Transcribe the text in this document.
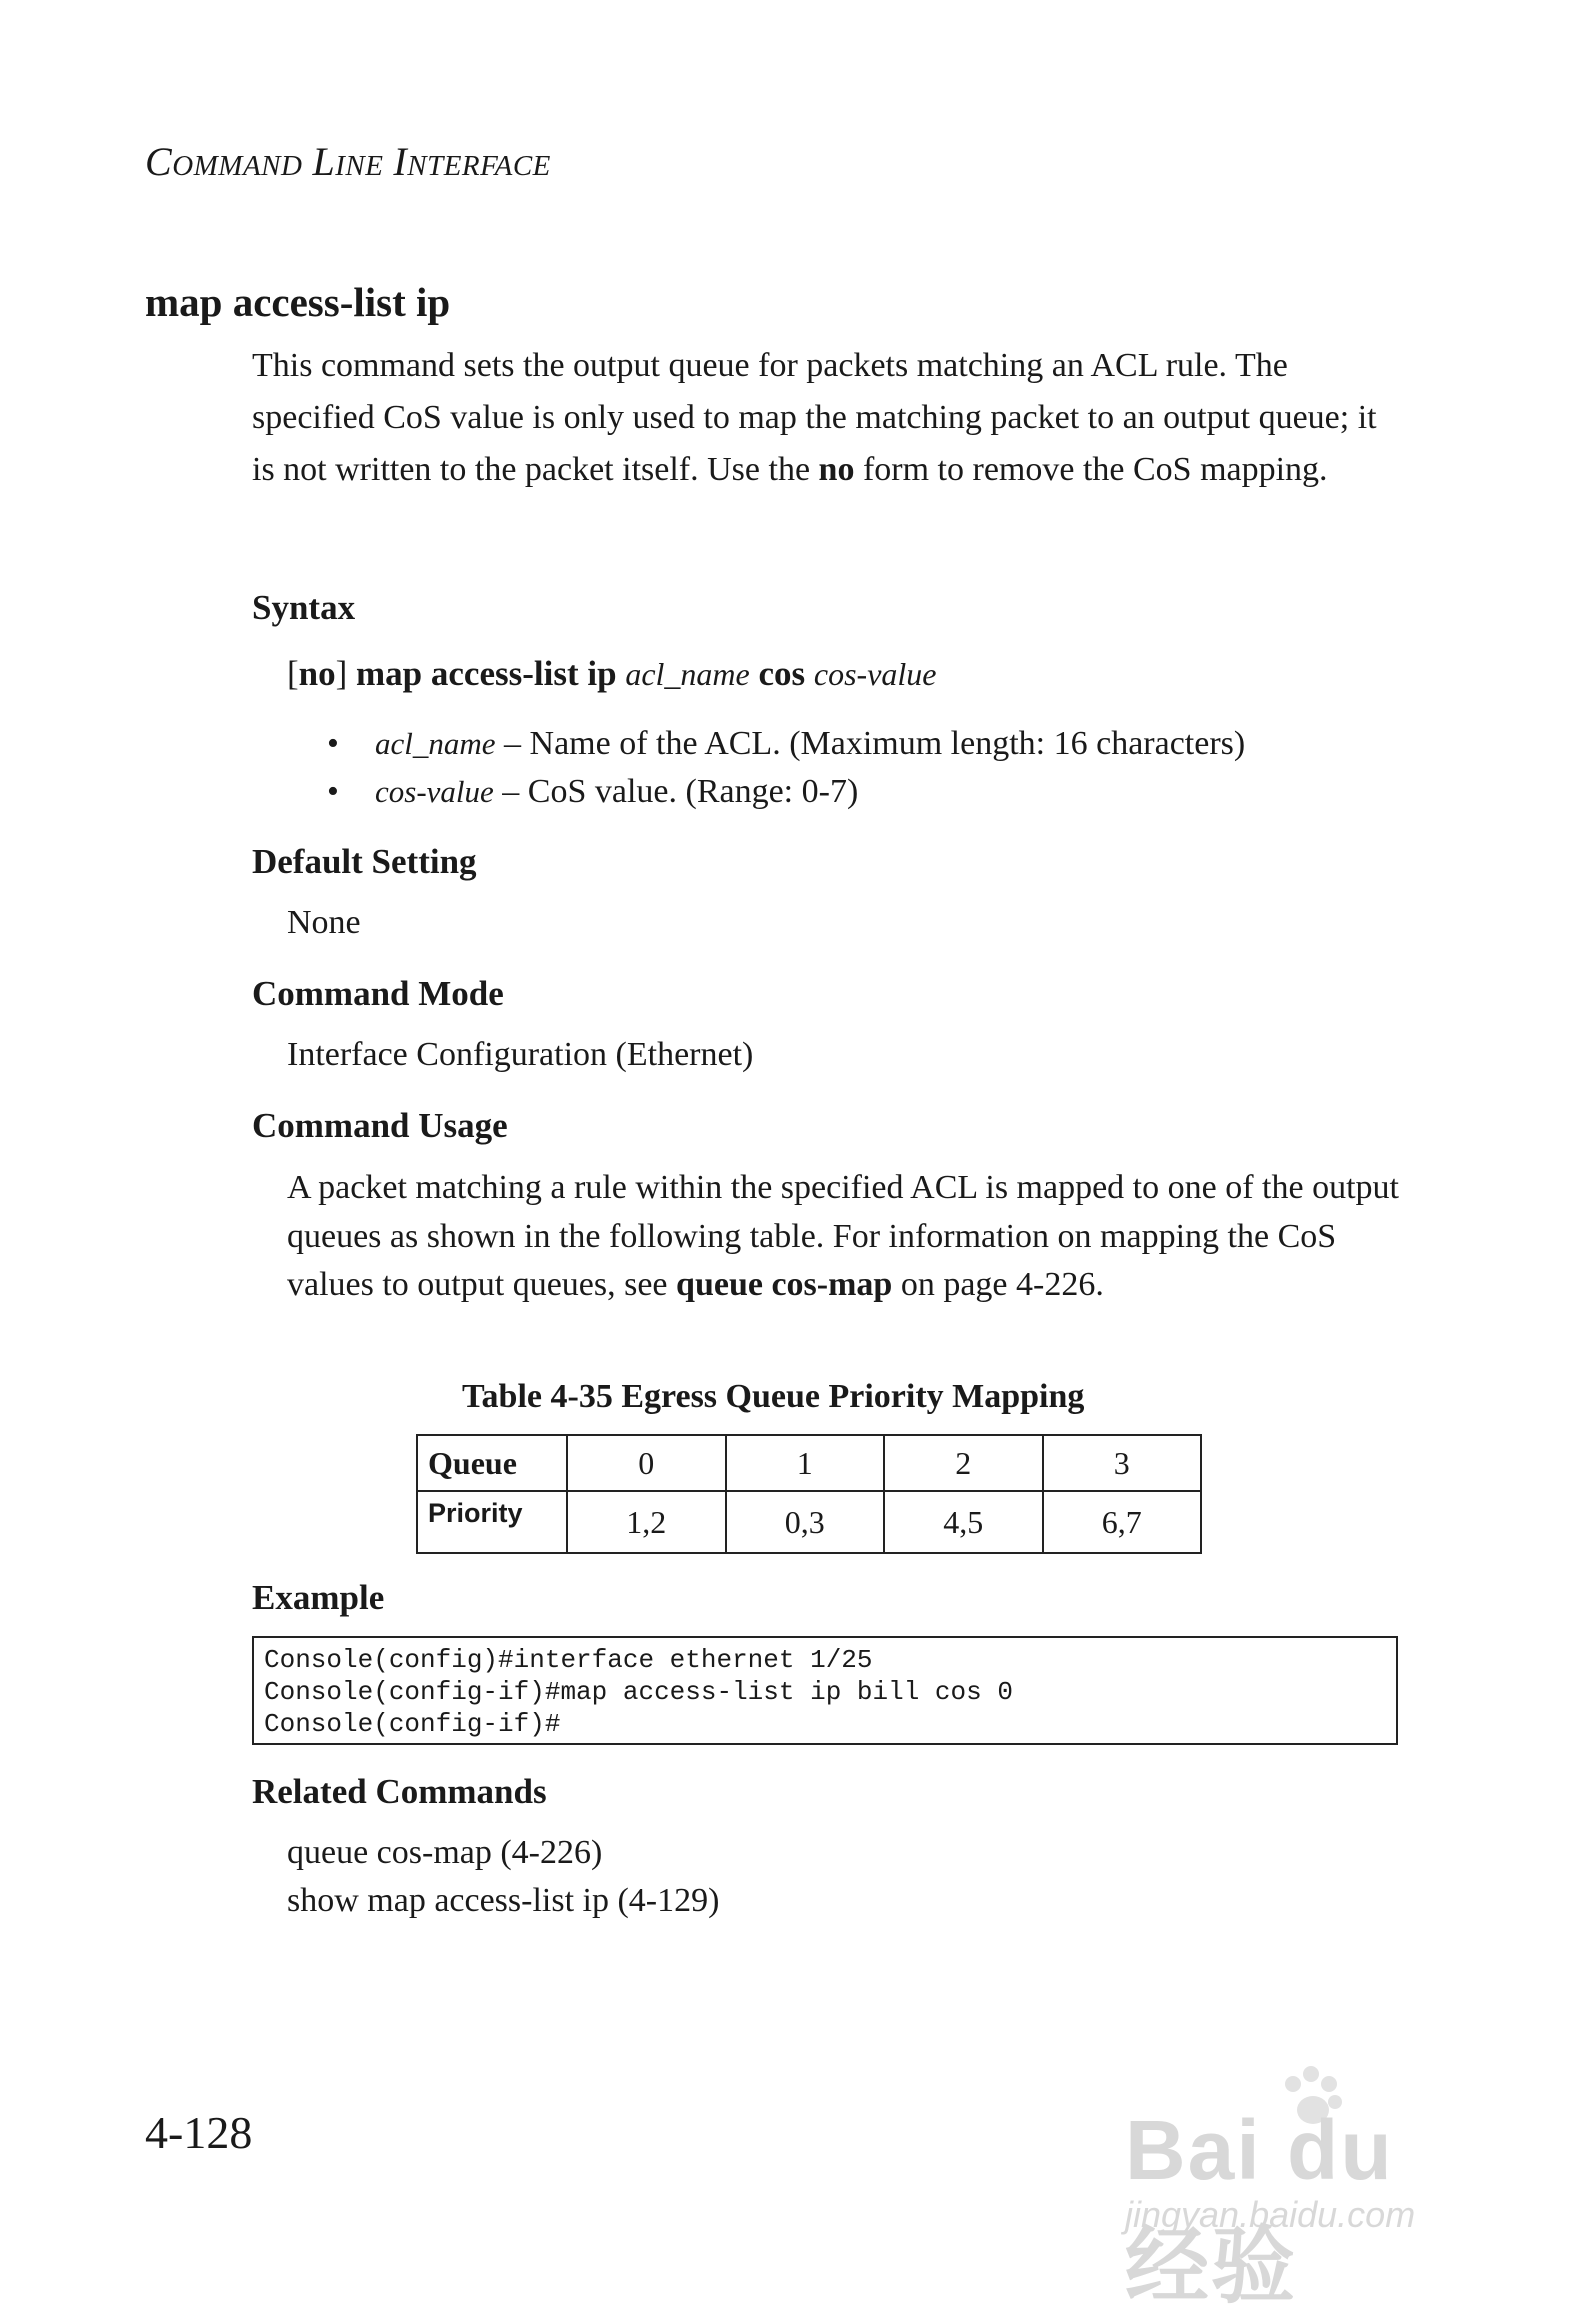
COMMAND LINE INTERFACE
map access-list ip

This command sets the output queue for packets matching an ACL rule. The specified CoS value is only used to map the matching packet to an output queue; it is not written to the packet itself. Use the no form to remove the CoS mapping.

Syntax
[no] map access-list ip acl_name cos cos-value
• acl_name – Name of the ACL. (Maximum length: 16 characters)
• cos-value – CoS value. (Range: 0-7)
Default Setting
None
Command Mode
Interface Configuration (Ethernet)
Command Usage

A packet matching a rule within the specified ACL is mapped to one of the output queues as shown in the following table. For information on mapping the CoS values to output queues, see queue cos-map on page 4-226.

Table 4-35 Egress Queue Priority Mapping
Queue	0	1	2	3
Priority	1,2	0,3	4,5	6,7
Example
Console(config)#interface ethernet 1/25
Console(config-if)#map access-list ip bill cos 0
Console(config-if)#
Related Commands
queue cos-map (4-226)
show map access-list ip (4-129)
4-128	Bai du 经验
jingyan.baidu.com
